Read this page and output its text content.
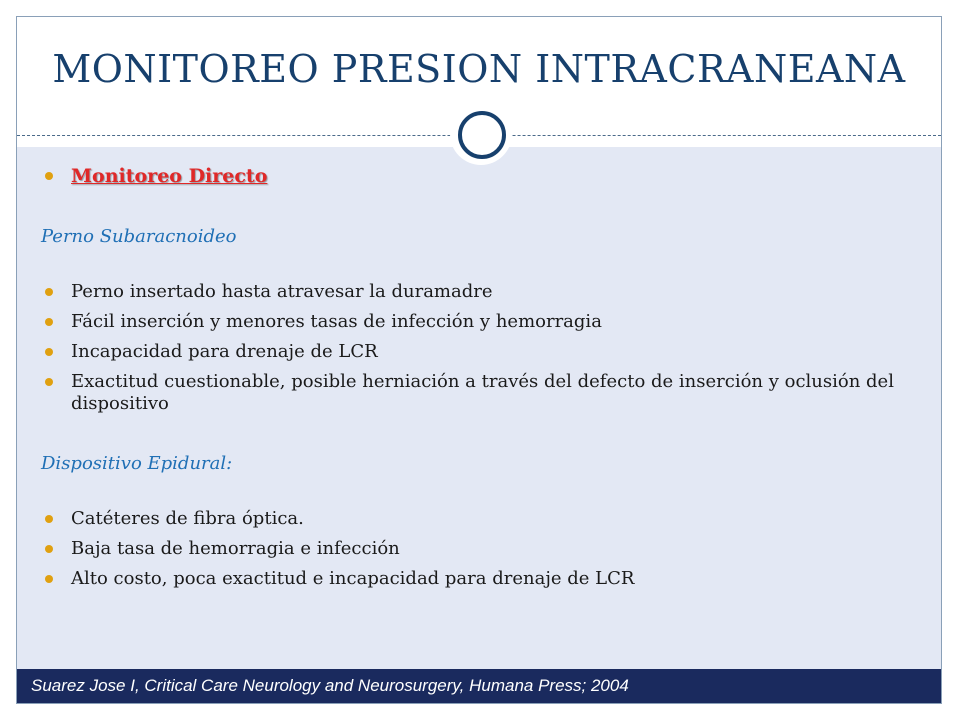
MONITOREO PRESION INTRACRANEANA
Monitoreo Directo
Perno Subaracnoideo
Perno insertado hasta atravesar la duramadre
Fácil inserción y menores tasas de infección y hemorragia
Incapacidad para drenaje de LCR
Exactitud cuestionable, posible herniación a través del defecto de inserción y oclusión del dispositivo
Dispositivo Epidural:
Catéteres de fibra óptica.
Baja tasa de hemorragia e infección
Alto costo, poca exactitud e incapacidad para drenaje de LCR
Suarez Jose I, Critical Care Neurology and Neurosurgery, Humana Press; 2004
